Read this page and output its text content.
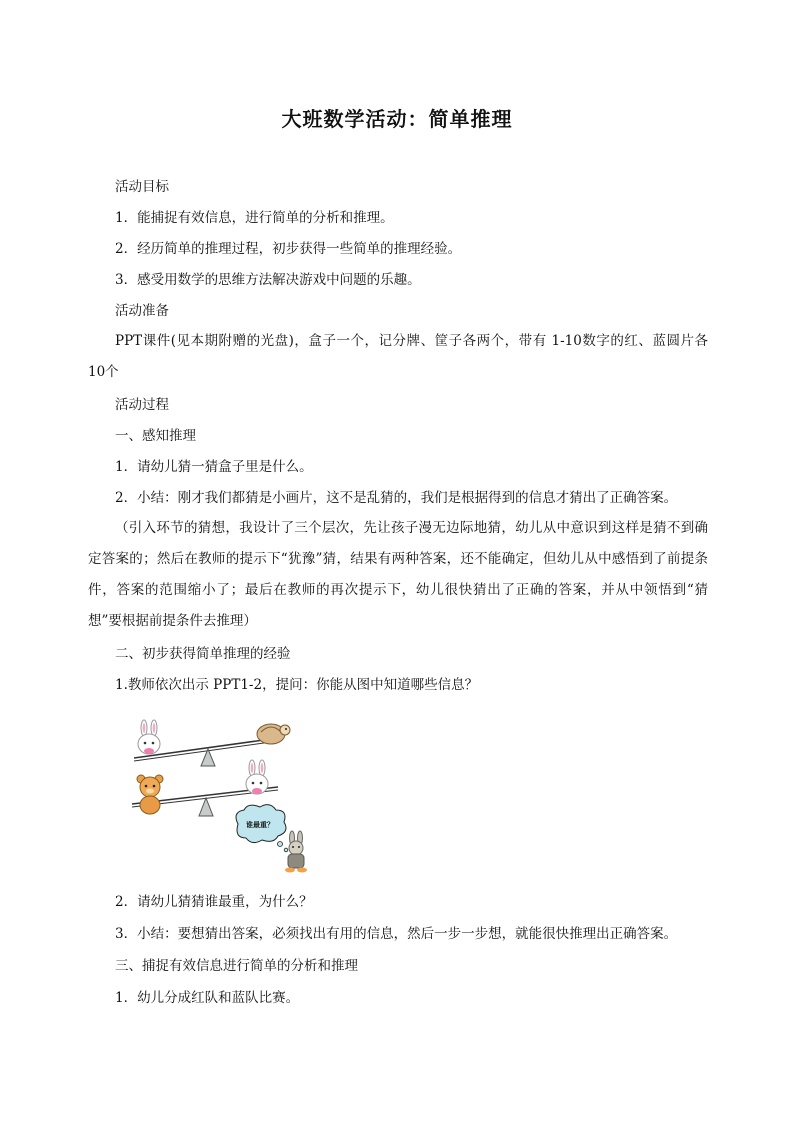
大班数学活动：简单推理
活动目标
1．能捕捉有效信息，进行简单的分析和推理。
2．经历简单的推理过程，初步获得一些简单的推理经验。
3．感受用数学的思维方法解决游戏中问题的乐趣。
活动准备
PPT课件(见本期附赠的光盘)，盒子一个，记分牌、筐子各两个，带有 1-10数字的红、蓝圆片各 10个
活动过程
一、感知推理
1．请幼儿猜一猜盒子里是什么。
2．小结：刚才我们都猜是小画片，这不是乱猜的，我们是根据得到的信息才猜出了正确答案。
（引入环节的猜想，我设计了三个层次，先让孩子漫无边际地猜，幼儿从中意识到这样是猜不到确定答案的；然后在教师的提示下“犹豫”猜，结果有两种答案，还不能确定，但幼儿从中感悟到了前提条件，答案的范围缩小了；最后在教师的再次提示下，幼儿很快猜出了正确的答案，并从中领悟到“猜想”要根据前提条件去推理）
二、初步获得简单推理的经验
1.教师依次出示 PPT1-2，提问：你能从图中知道哪些信息？
谁最重？
2．请幼儿猜猜谁最重，为什么？
3．小结：要想猜出答案，必须找出有用的信息，然后一步一步想，就能很快推理出正确答案。
三、捕捉有效信息进行简单的分析和推理
1．幼儿分成红队和蓝队比赛。
